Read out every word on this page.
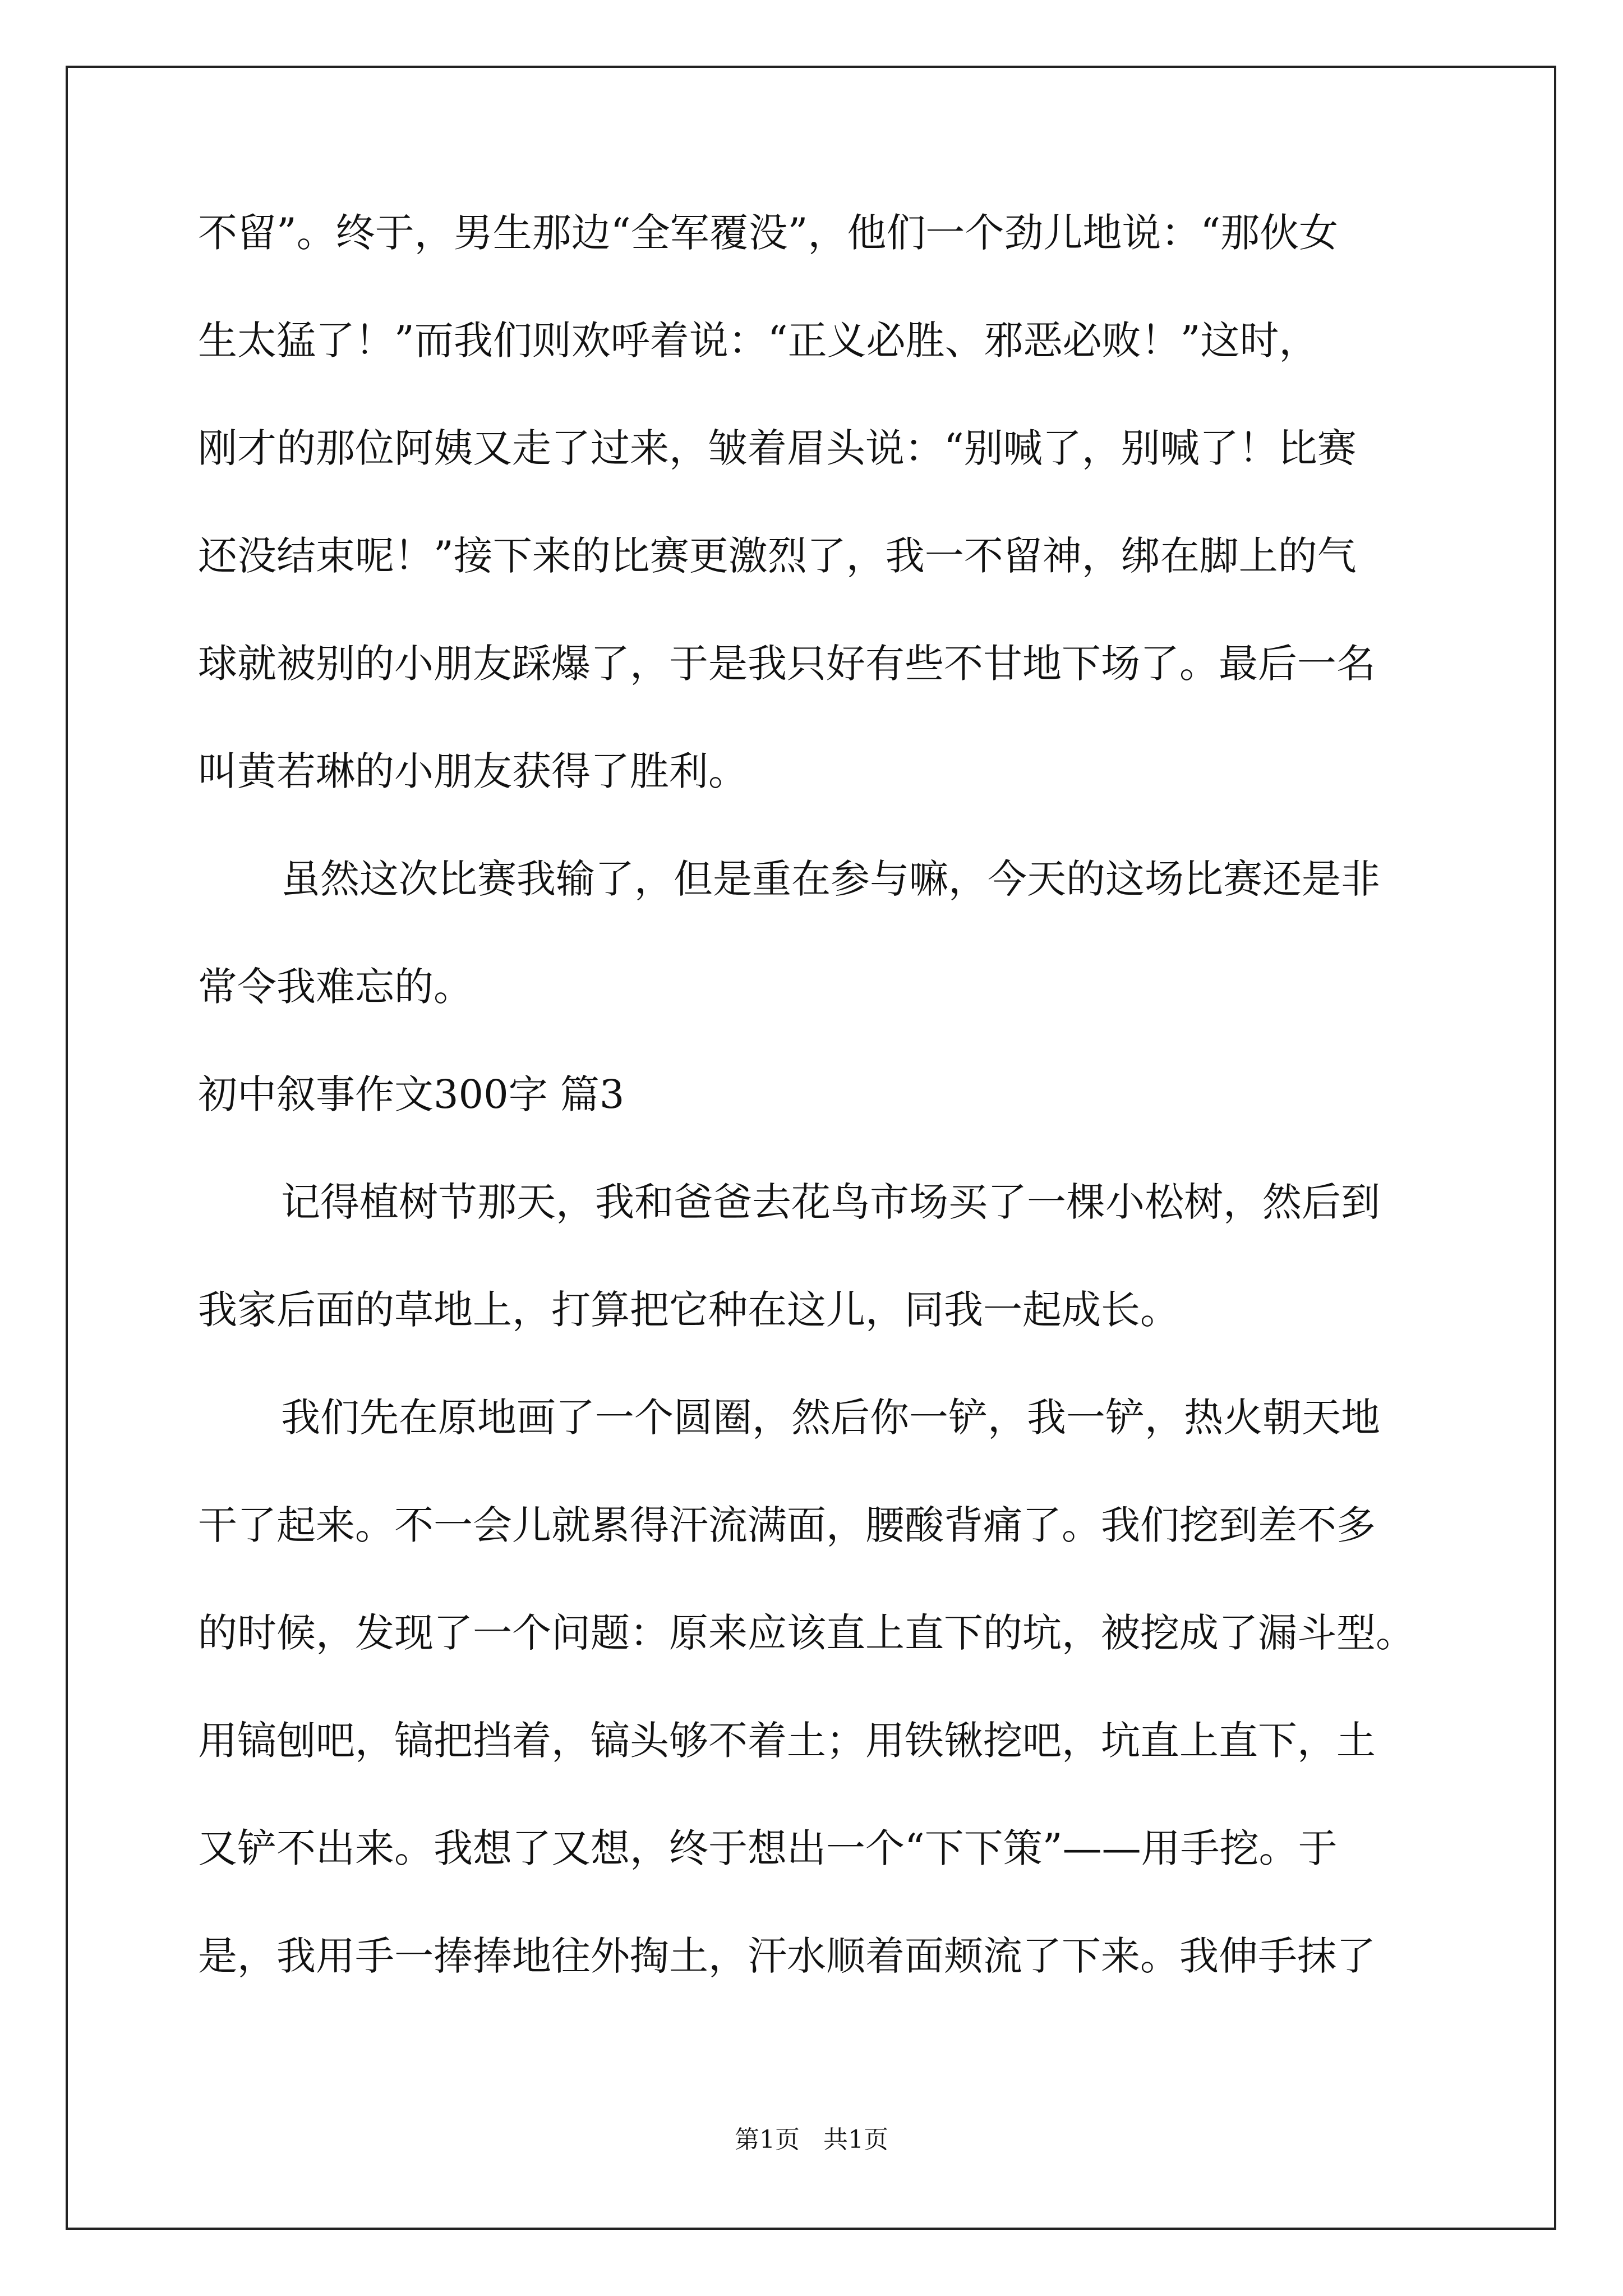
不留”。终于，男生那边“全军覆没”，他们一个劲儿地说：“那伙女
生太猛了！”而我们则欢呼着说：“正义必胜、邪恶必败！”这时，
刚才的那位阿姨又走了过来，皱着眉头说：“别喊了，别喊了！比赛
还没结束呢！”接下来的比赛更激烈了，我一不留神，绑在脚上的气
球就被别的小朋友踩爆了，于是我只好有些不甘地下场了。最后一名
叫黄若琳的小朋友获得了胜利。
虽然这次比赛我输了，但是重在参与嘛，今天的这场比赛还是非
常令我难忘的。
初中叙事作文300字 篇3
记得植树节那天，我和爸爸去花鸟市场买了一棵小松树，然后到
我家后面的草地上，打算把它种在这儿，同我一起成长。
我们先在原地画了一个圆圈，然后你一铲，我一铲，热火朝天地
干了起来。不一会儿就累得汗流满面，腰酸背痛了。我们挖到差不多
的时候，发现了一个问题：原来应该直上直下的坑，被挖成了漏斗型。
用镐刨吧，镐把挡着，镐头够不着土；用铁锹挖吧，坑直上直下，土
又铲不出来。我想了又想，终于想出一个“下下策”——用手挖。于
是，我用手一捧捧地往外掏土，汗水顺着面颊流了下来。我伸手抹了
第1页   共1页
